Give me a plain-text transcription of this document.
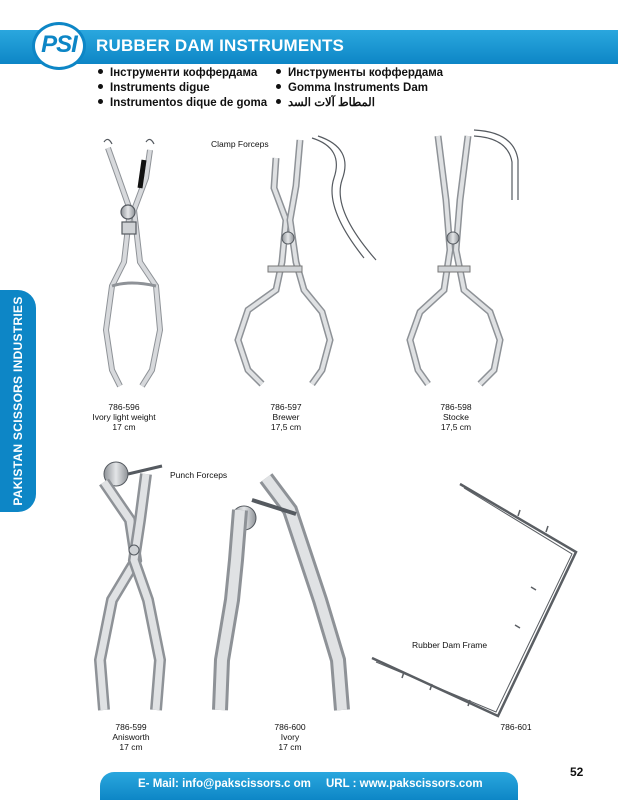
PSI	RUBBER DAM INSTRUMENTS
Інструменти коффердама
Instruments digue
Instrumentos dique de goma
Инструменты коффердама
Gomma Instruments Dam
المطاط آلات السد
PAKISTAN SCISSORS INDUSTRIES
Clamp Forceps
Punch Forceps
Rubber Dam Frame
786-596
Ivory light weight
17 cm
786-597
Brewer
17,5 cm
786-598
Stocke
17,5 cm
786-599
Anisworth
17 cm
786-600
Ivory
17 cm
786-601
E- Mail: info@pakscissors.c om URL : www.pakscissors.com
52
